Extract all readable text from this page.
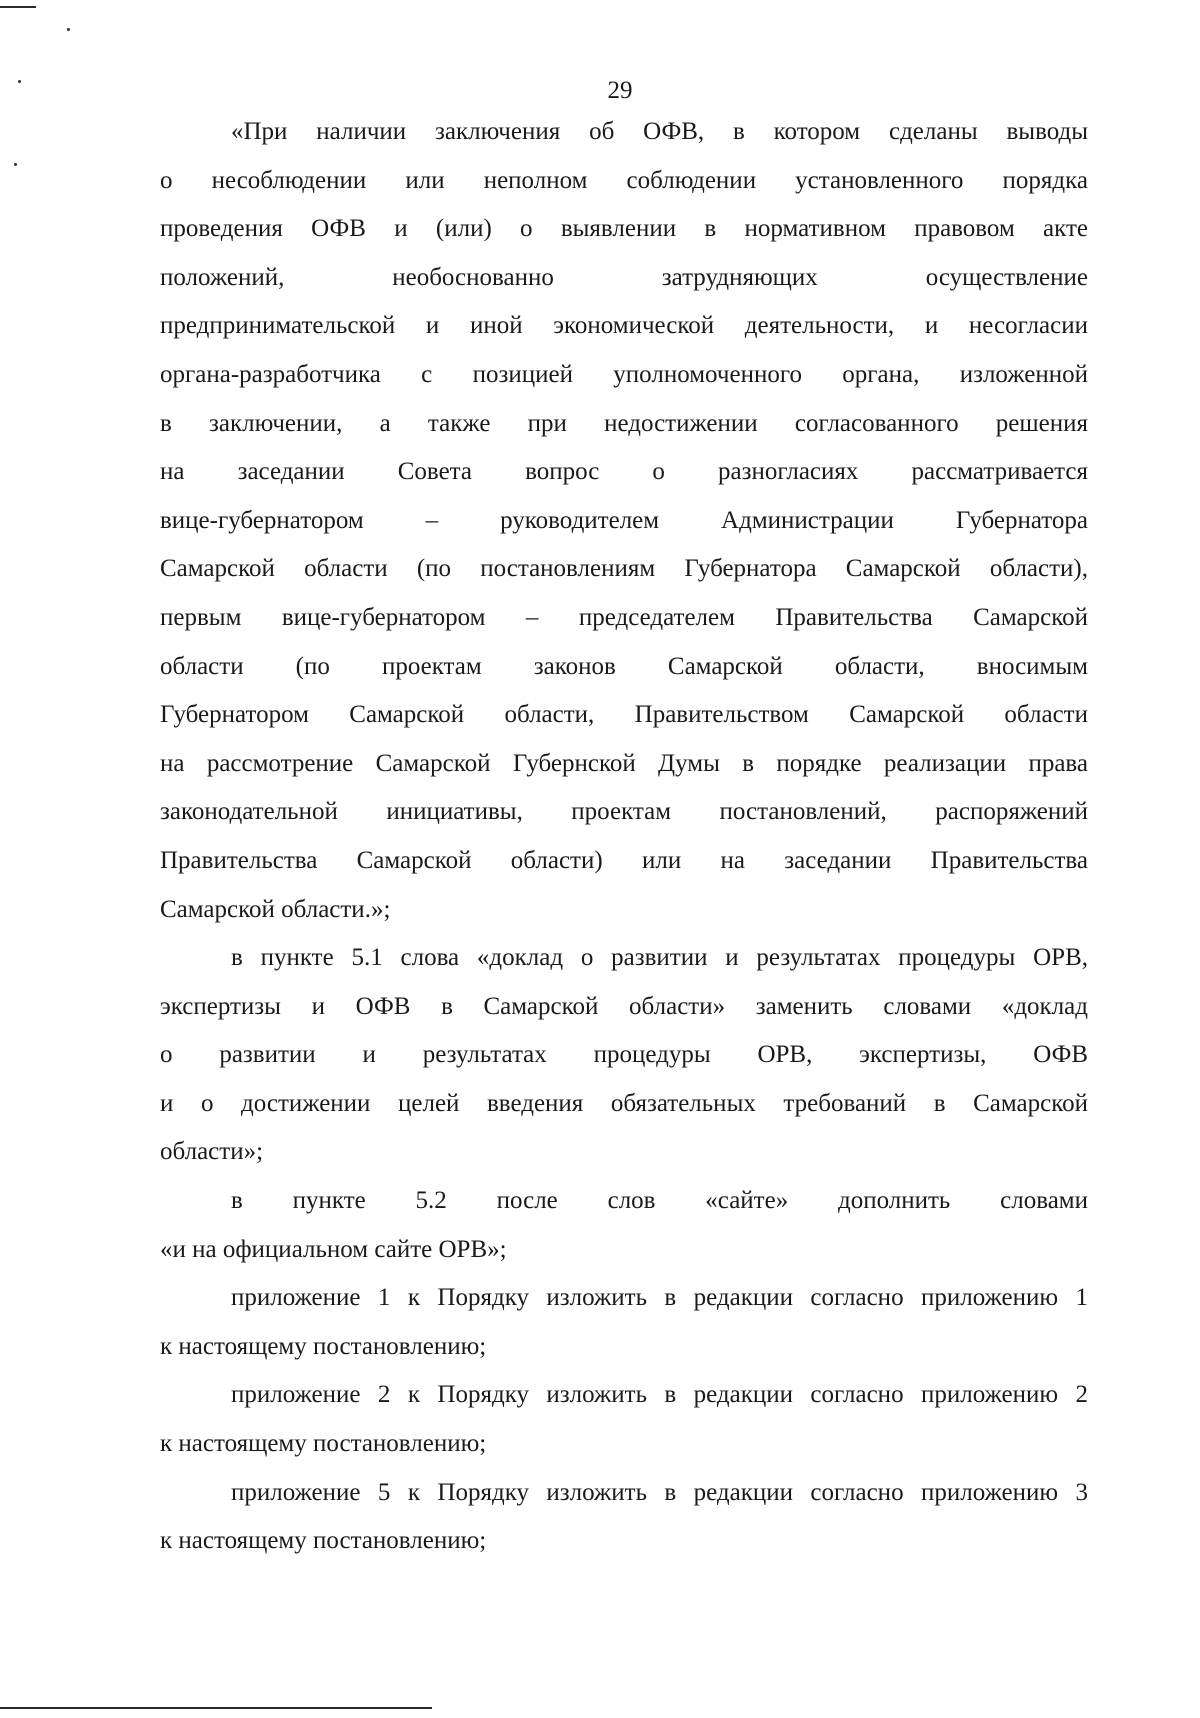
29
«При наличии заключения об ОФВ, в котором сделаны выводы
о несоблюдении или неполном соблюдении установленного порядка
проведения ОФВ и (или) о выявлении в нормативном правовом акте
положений, необоснованно затрудняющих осуществление
предпринимательской и иной экономической деятельности, и несогласии
органа-разработчика с позицией уполномоченного органа, изложенной
в заключении, а также при недостижении согласованного решения
на заседании Совета вопрос о разногласиях рассматривается
вице-губернатором – руководителем Администрации Губернатора
Самарской области (по постановлениям Губернатора Самарской области),
первым вице-губернатором – председателем Правительства Самарской
области (по проектам законов Самарской области, вносимым
Губернатором Самарской области, Правительством Самарской области
на рассмотрение Самарской Губернской Думы в порядке реализации права
законодательной инициативы, проектам постановлений, распоряжений
Правительства Самарской области) или на заседании Правительства
Самарской области.»;
в пункте 5.1 слова «доклад о развитии и результатах процедуры ОРВ,
экспертизы и ОФВ в Самарской области» заменить словами «доклад
о развитии и результатах процедуры ОРВ, экспертизы, ОФВ
и о достижении целей введения обязательных требований в Самарской
области»;
в пункте 5.2 после слов «сайте» дополнить словами
«и на официальном сайте ОРВ»;
приложение 1 к Порядку изложить в редакции согласно приложению 1
к настоящему постановлению;
приложение 2 к Порядку изложить в редакции согласно приложению 2
к настоящему постановлению;
приложение 5 к Порядку изложить в редакции согласно приложению 3
к настоящему постановлению;
